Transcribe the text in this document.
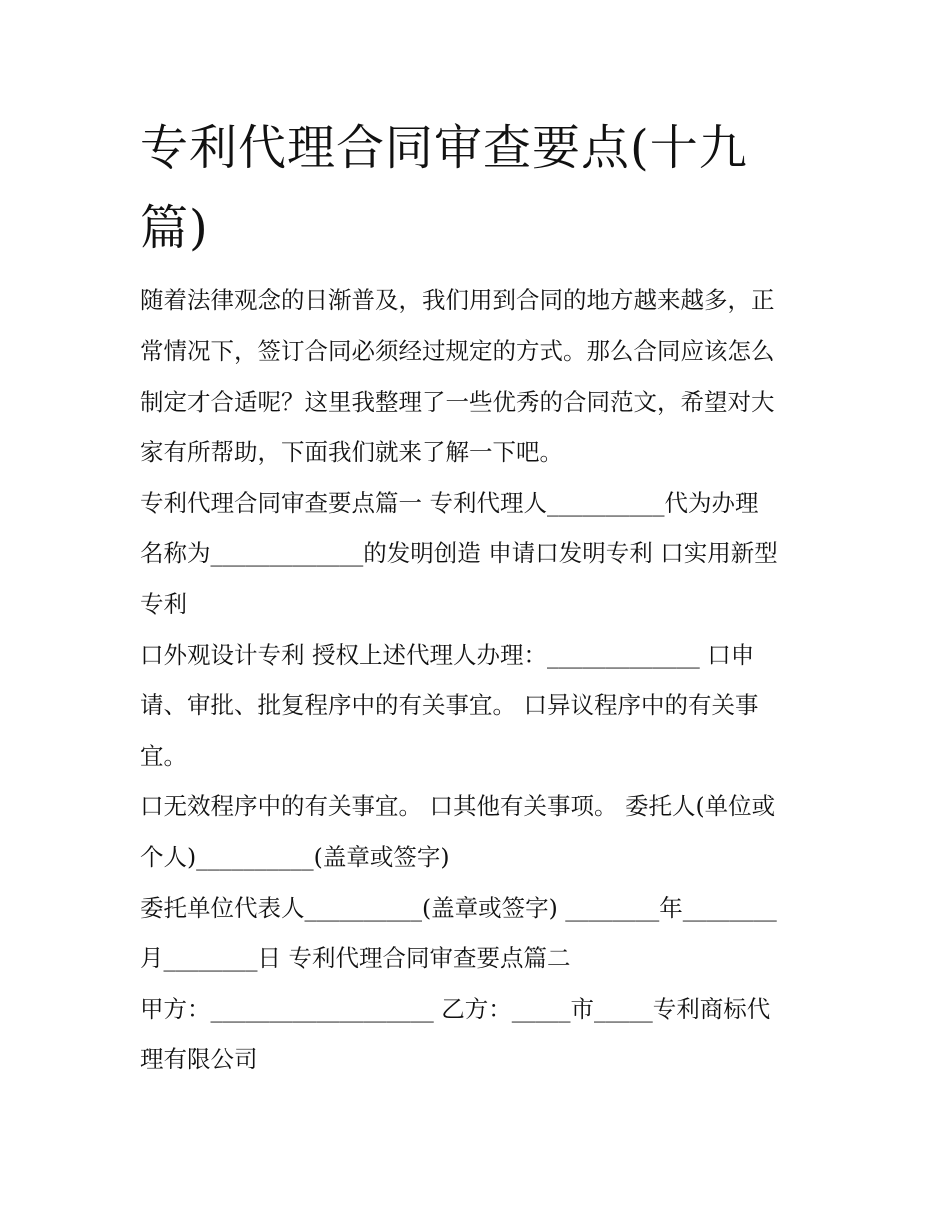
专利代理合同审查要点(十九
篇)
随着法律观念的日渐普及，我们用到合同的地方越来越多，正
常情况下，签订合同必须经过规定的方式。那么合同应该怎么
制定才合适呢？这里我整理了一些优秀的合同范文，希望对大
家有所帮助，下面我们就来了解一下吧。
专利代理合同审查要点篇一 专利代理人__________代为办理
名称为_____________的发明创造 申请口发明专利 口实用新型
专利
口外观设计专利 授权上述代理人办理：_____________ 口申
请、审批、批复程序中的有关事宜。 口异议程序中的有关事
宜。
口无效程序中的有关事宜。 口其他有关事项。 委托人(单位或
个人)__________(盖章或签字)
委托单位代表人__________(盖章或签字) ________年________
月________日 专利代理合同审查要点篇二
甲方：___________________ 乙方：_____市_____专利商标代
理有限公司
